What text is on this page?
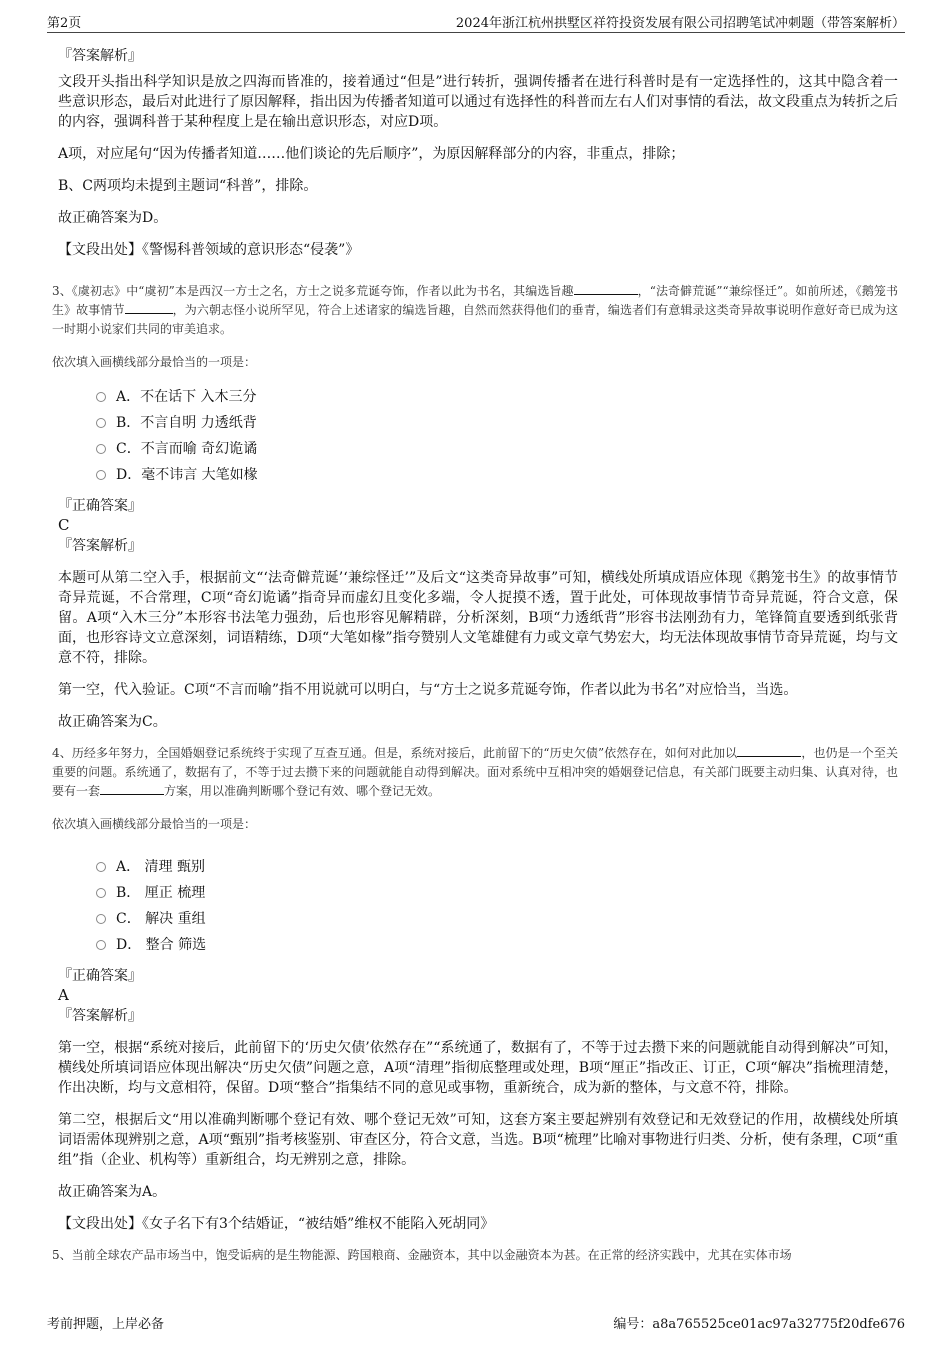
第2页	2024年浙江杭州拱墅区祥符投资发展有限公司招聘笔试冲刺题（带答案解析）
『答案解析』

文段开头指出科学知识是放之四海而皆准的，接着通过“但是”进行转折，强调传播者在进行科普时是有一定选择性的，这其中隐含着一些意识形态，最后对此进行了原因解释，指出因为传播者知道可以通过有选择性的科普而左右人们对事情的看法，故文段重点为转折之后的内容，强调科普于某种程度上是在输出意识形态，对应D项。

A项，对应尾句“因为传播者知道……他们谈论的先后顺序”，为原因解释部分的内容，非重点，排除；

B、C两项均未提到主题词“科普”，排除。

故正确答案为D。

【文段出处】《警惕科普领域的意识形态“侵袭”》

3、《虞初志》中“虞初”本是西汉一方士之名，方士之说多荒诞夸饰，作者以此为书名，其编选旨趣	，“法奇僻荒诞”“兼综怪迁”。如前所述，《鹅笼书生》故事情节	，为六朝志怪小说所罕见，符合上述诸家的编选旨趣，自然而然获得他们的垂青，编选者们有意辑录这类奇异故事说明作意好奇已成为这一时期小说家们共同的审美追求。

依次填入画横线部分最恰当的一项是：

A．不在话下 入木三分
B．不言自明 力透纸背
C．不言而喻 奇幻诡谲
D．毫不讳言 大笔如椽
『正确答案』
C
『答案解析』

本题可从第二空入手，根据前文“‘法奇僻荒诞’‘兼综怪迁’”及后文“这类奇异故事”可知，横线处所填成语应体现《鹅笼书生》的故事情节奇异荒诞，不合常理，C项“奇幻诡谲”指奇异而虚幻且变化多端，令人捉摸不透，置于此处，可体现故事情节奇异荒诞，符合文意，保留。A项“入木三分”本形容书法笔力强劲，后也形容见解精辟，分析深刻，B项“力透纸背”形容书法刚劲有力，笔锋简直要透到纸张背面，也形容诗文立意深刻，词语精练，D项“大笔如椽”指夸赞别人文笔雄健有力或文章气势宏大，均无法体现故事情节奇异荒诞，均与文意不符，排除。

第一空，代入验证。C项“不言而喻”指不用说就可以明白，与“方士之说多荒诞夸饰，作者以此为书名”对应恰当，当选。

故正确答案为C。

4、历经多年努力，全国婚姻登记系统终于实现了互查互通。但是，系统对接后，此前留下的“历史欠债”依然存在，如何对此加以	，也仍是一个至关重要的问题。系统通了，数据有了，不等于过去攒下来的问题就能自动得到解决。面对系统中互相冲突的婚姻登记信息，有关部门既要主动归集、认真对待，也要有一套	方案，用以准确判断哪个登记有效、哪个登记无效。

依次填入画横线部分最恰当的一项是：

A． 清理 甄别
B． 厘正 梳理
C． 解决 重组
D． 整合 筛选
『正确答案』
A
『答案解析』

第一空，根据“系统对接后，此前留下的‘历史欠债’依然存在”“系统通了，数据有了，不等于过去攒下来的问题就能自动得到解决”可知，横线处所填词语应体现出解决“历史欠债”问题之意，A项“清理”指彻底整理或处理，B项“厘正”指改正、订正，C项“解决”指梳理清楚，作出决断，均与文意相符，保留。D项“整合”指集结不同的意见或事物，重新统合，成为新的整体，与文意不符，排除。

第二空，根据后文“用以准确判断哪个登记有效、哪个登记无效”可知，这套方案主要起辨别有效登记和无效登记的作用，故横线处所填词语需体现辨别之意，A项“甄别”指考核鉴别、审查区分，符合文意，当选。B项“梳理”比喻对事物进行归类、分析，使有条理，C项“重组”指（企业、机构等）重新组合，均无辨别之意，排除。

故正确答案为A。

【文段出处】《女子名下有3个结婚证，“被结婚”维权不能陷入死胡同》

5、当前全球农产品市场当中，饱受诟病的是生物能源、跨国粮商、金融资本，其中以金融资本为甚。在正常的经济实践中，尤其在实体市场

考前押题，上岸必备	编号：a8a765525ce01ac97a32775f20dfe676
